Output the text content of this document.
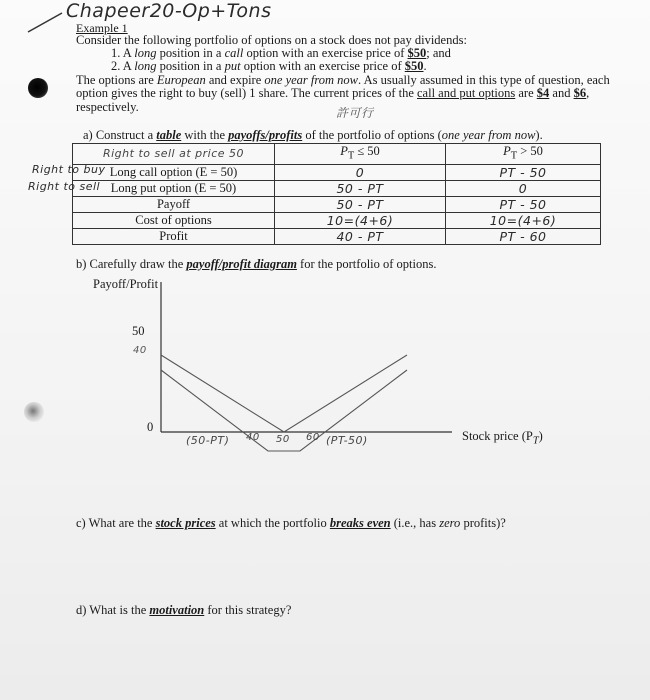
Chapeer20-Op+Tons
Example 1
Consider the following portfolio of options on a stock does not pay dividends:
1. A long position in a call option with an exercise price of $50; and
2. A long position in a put option with an exercise price of $50.
The options are European and expire one year from now. As usually assumed in this type of question, each
option gives the right to buy (sell) 1 share. The current prices of the call and put options are $4 and $6,
respectively.	許可行
a) Construct a table with the payoffs/profits of the portfolio of options (one year from now).
Right to sell at price 50	$P_T \le 50$	$P_T > 50$
Long call option (E = 50)	0	PT - 50
Long put option (E = 50)	50 - PT	0
Payoff	50 - PT	PT - 50
Cost of options	10=(4+6)	10=(4+6)
Profit	40 - PT	PT - 60
Right to buy
Right to sell
b) Carefully draw the payoff/profit diagram for the portfolio of options.
Payoff/Profit
50
40
0
(50-PT) 40 50 60 (PT-50)	Stock price $(P_T)$
c) What are the stock prices at which the portfolio breaks even (i.e., has zero profits)?
d) What is the motivation for this strategy?
